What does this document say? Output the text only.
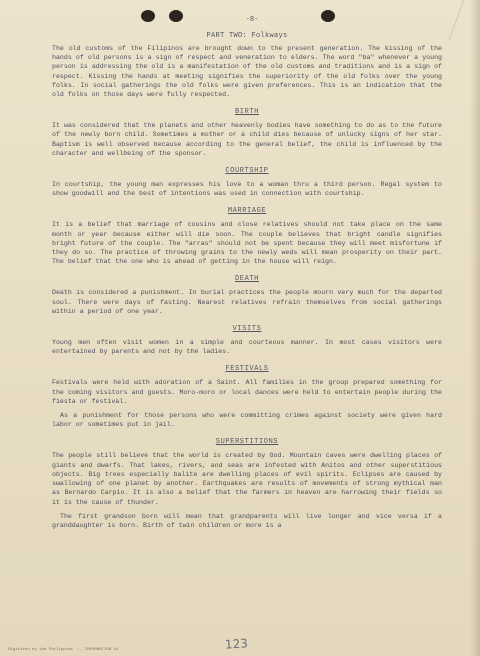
-8-
PART TWO: Folkways

The old customs of the Filipinos are brought down to the present generation. The kissing of the hands of old persons is a sign of respect and veneration to elders. The word "ba" whenever a young person is addressing the old is a manifestation of the old customs and traditions and is a sign of respect. Kissing the hands at meeting signifies the superiority of the old folks over the young folks. In social gatherings the old folks were given preferences. This is an indication that the old folks on those days were fully respected.

BIRTH

It was considered that the planets and other heavenly bodies have something to do as to the future of the newly born child. Sometimes a mother or a child dies because of unlucky signs of her star. Baptism is well observed because according to the general belief, the child is influenced by the character and wellbeing of the sponsor.

COURTSHIP

In courtship, the young man expresses his love to a woman thru a third person. Regal system to show goodwill and the best of intentions was used in connection with courtship.

MARRIAGE

It is a belief that marriage of cousins and close relatives should not take place on the same month or year because either will die soon. The couple believes that bright candle signifies bright future of the couple. The "arras" should not be spent because they will meet misfortune if they do so. The practice of throwing grains to the newly weds will mean prosperity on their part. The belief that the one who is ahead of getting in the house will reign.

DEATH

Death is considered a punishment. In burial practices the people mourn very much for the departed soul. There were days of fasting. Nearest relatives refrain themselves from social gatherings within a period of one year.

VISITS

Young men often visit women in a simple and courteous manner. In most cases visitors were entertained by parents and not by the ladies.

FESTIVALS

Festivals were held with adoration of a Saint. All families in the group prepared something for the coming visitors and guests. Moro-moro or local dances were held to entertain people during the fiesta or festival.

As a punishment for those persons who were committing crimes against society were given hard labor or sometimes put in jail.

SUPERSTITIONS

The people still believe that the world is created by God. Mountain caves were dwelling places of giants and dwarfs. That lakes, rivers, and seas are infested with Anitos and other superstitious objects. Big trees especially balite are dwelling places of evil spirits. Eclipses are caused by swallowing of one planet by another. Earthquakes are results of movements of strong mythical man as Bernardo Carpio. It is also a belief that the farmers in heaven are harrowing their fields so it is the cause of thunder.

The first grandson born will mean that grandparents will live longer and vice versa if a granddaughter is born. Birth of twin children or more is a

123
Digitized by the Philippine ... INFORMATION LA
